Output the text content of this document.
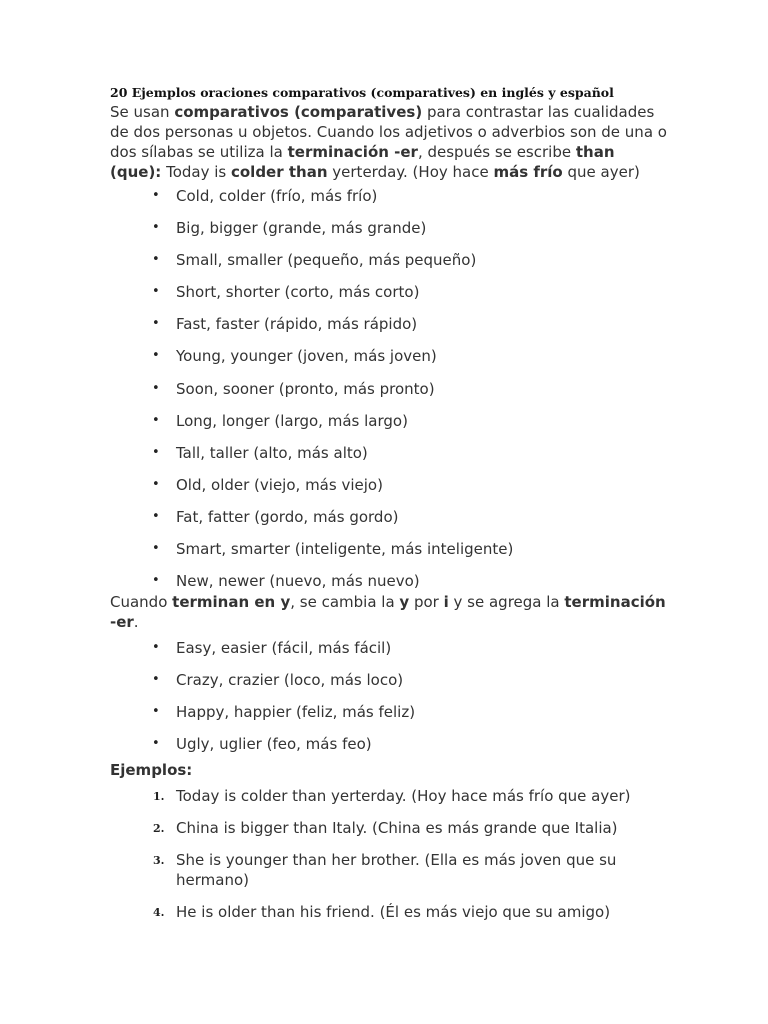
20 Ejemplos oraciones comparativos (comparatives) en inglés y español

Se usan comparativos (comparatives) para contrastar las cualidades de dos personas u objetos. Cuando los adjetivos o adverbios son de una o dos sílabas se utiliza la terminación -er, después se escribe than (que): Today is colder than yerterday. (Hoy hace más frío que ayer)

• Cold, colder (frío, más frío)
• Big, bigger (grande, más grande)
• Small, smaller (pequeño, más pequeño)
• Short, shorter (corto, más corto)
• Fast, faster (rápido, más rápido)
• Young, younger (joven, más joven)
• Soon, sooner (pronto, más pronto)
• Long, longer (largo, más largo)
• Tall, taller (alto, más alto)
• Old, older (viejo, más viejo)
• Fat, fatter (gordo, más gordo)
• Smart, smarter (inteligente, más inteligente)
• New, newer (nuevo, más nuevo)

Cuando terminan en y, se cambia la y por i y se agrega la terminación -er.

• Easy, easier (fácil, más fácil)
• Crazy, crazier (loco, más loco)
• Happy, happier (feliz, más feliz)
• Ugly, uglier (feo, más feo)

Ejemplos:

1. Today is colder than yerterday. (Hoy hace más frío que ayer)
2. China is bigger than Italy. (China es más grande que Italia)
3. She is younger than her brother. (Ella es más joven que su hermano)
4. He is older than his friend. (Él es más viejo que su amigo)
